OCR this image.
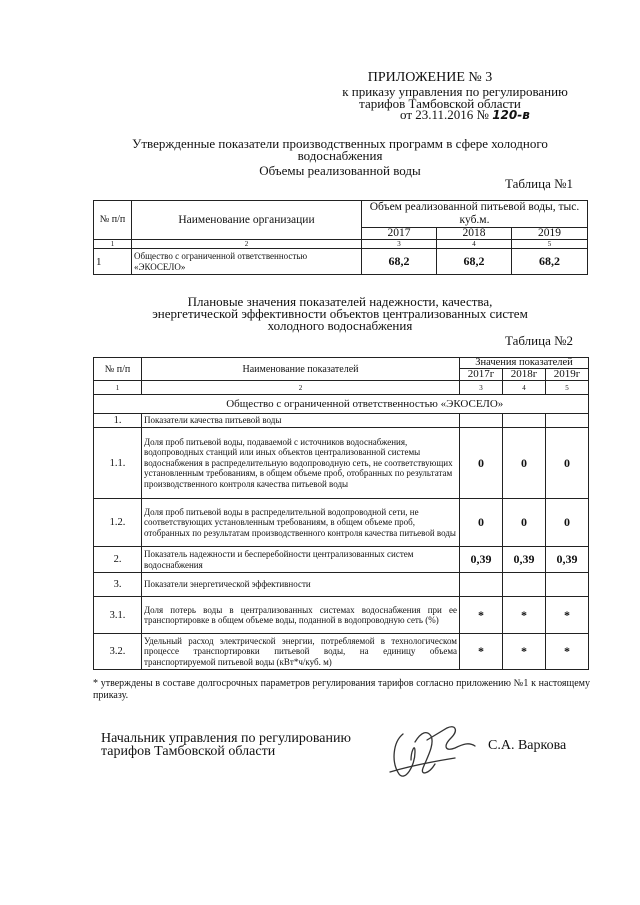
ПРИЛОЖЕНИЕ № 3
к приказу управления по регулированию
тарифов Тамбовской области
от 23.11.2016 № 120-в
Утвержденные показатели производственных программ в сфере холодного
водоснабжения
Объемы реализованной воды
Таблица №1
№ п/п	Наименование организации	Объем реализованной питьевой воды, тыс. куб.м.		
		2017	2018	2019
1	2	3	4	5
1	Общество с ограниченной ответственностью «ЭКОСЕЛО»	68,2	68,2	68,2
Плановые значения показателей надежности, качества,
энергетической эффективности объектов централизованных систем
холодного водоснабжения
Таблица №2
№ п/п	Наименование показателей	Значения показателей		
		2017г	2018г	2019г
1	2	3	4	5
	Общество с ограниченной ответственностью «ЭКОСЕЛО»			
1.	Показатели качества питьевой воды			
1.1.	Доля проб питьевой воды, подаваемой с источников водоснабжения, водопроводных станций или иных объектов централизованной системы водоснабжения в распределительную водопроводную сеть, не соответствующих установленным требованиям, в общем объеме проб, отобранных по результатам производственного контроля качества питьевой воды	0	0	0
1.2.	Доля проб питьевой воды в распределительной водопроводной сети, не соответствующих установленным требованиям, в общем объеме проб, отобранных по результатам производственного контроля качества питьевой воды	0	0	0
2.	Показатель надежности и бесперебойности централизованных систем водоснабжения	0,39	0,39	0,39
3.	Показатели энергетической эффективности			
3.1.	Доля потерь воды в централизованных системах водоснабжения при ее транспортировке в общем объеме воды, поданной в водопроводную сеть (%)	*	*	*
3.2.	Удельный расход электрической энергии, потребляемой в технологическом процессе транспортировки питьевой воды, на единицу объема транспортируемой питьевой воды (кВт*ч/куб. м)	*	*	*
* утверждены в составе долгосрочных параметров регулирования тарифов согласно приложению №1 к настоящему приказу.
Начальник управления по регулированию
тарифов Тамбовской области	С.А. Варкова
